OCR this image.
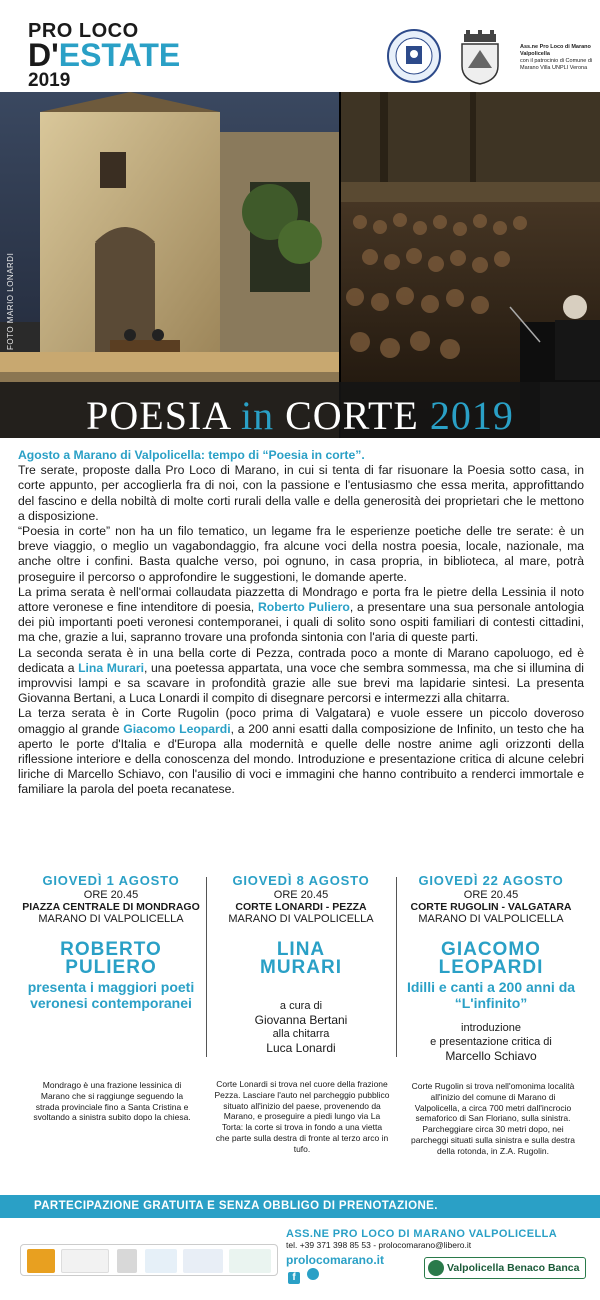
PRO LOCO
D'ESTATE
2019
Ass.ne Pro Loco di Marano Valpolicella
con il patrocinio di Comune di Marano Villa UNPLI Verona
FOTO MARIO LONARDI
POESIA in CORTE 2019
Agosto a Marano di Valpolicella: tempo di “Poesia in corte”.

Tre serate, proposte dalla Pro Loco di Marano, in cui si tenta di far risuonare la Poesia sotto casa, in corte appunto, per accoglierla fra di noi, con la passione e l'entusiasmo che essa merita, approfittando del fascino e della nobiltà di molte corti rurali della valle e della generosità dei proprietari che le mettono a disposizione.

“Poesia in corte” non ha un filo tematico, un legame fra le esperienze poetiche delle tre serate: è un breve viaggio, o meglio un vagabondaggio, fra alcune voci della nostra poesia, locale, nazionale, ma anche oltre i confini. Basta qualche verso, poi ognuno, in casa propria, in biblioteca, al mare, potrà proseguire il percorso o approfondire le suggestioni, le domande aperte.

La prima serata è nell'ormai collaudata piazzetta di Mondrago e porta fra le pietre della Lessinia il noto attore veronese e fine intenditore di poesia, Roberto Puliero, a presentare una sua personale antologia dei più importanti poeti veronesi contemporanei, i quali di solito sono ospiti familiari di contesti cittadini, ma che, grazie a lui, sapranno trovare una profonda sintonia con l'aria di queste parti.

La seconda serata è in una bella corte di Pezza, contrada poco a monte di Marano capoluogo, ed è dedicata a Lina Murari, una poetessa appartata, una voce che sembra sommessa, ma che si illumina di improvvisi lampi e sa scavare in profondità grazie alle sue brevi ma lapidarie sintesi. La presenta Giovanna Bertani, a Luca Lonardi il compito di disegnare percorsi e intermezzi alla chitarra.

La terza serata è in Corte Rugolin (poco prima di Valgatara) e vuole essere un piccolo doveroso omaggio al grande Giacomo Leopardi, a 200 anni esatti dalla composizione de Infinito, un testo che ha aperto le porte d'Italia e d'Europa alla modernità e quelle delle nostre anime agli orizzonti della riflessione interiore e della conoscenza del mondo. Introduzione e presentazione critica di alcune celebri liriche di Marcello Schiavo, con l'ausilio di voci e immagini che hanno contribuito a renderci immortale e familiare la parola del poeta recanatese.

GIOVEDÌ 1 AGOSTO
ORE 20.45
PIAZZA CENTRALE DI MONDRAGO
MARANO DI VALPOLICELLA
ROBERTO
PULIERO
presenta i maggiori poeti veronesi contemporanei
GIOVEDÌ 8 AGOSTO
ORE 20.45
CORTE LONARDI - PEZZA
MARANO DI VALPOLICELLA
LINA
MURARI
a cura di
Giovanna Bertani
alla chitarra
Luca Lonardi
GIOVEDÌ 22 AGOSTO
ORE 20.45
CORTE RUGOLIN - VALGATARA
MARANO DI VALPOLICELLA
GIACOMO
LEOPARDI
Idilli e canti a 200 anni da “L'infinito”
introduzione
e presentazione critica di
Marcello Schiavo
Mondrago è una frazione lessinica di Marano che si raggiunge seguendo la strada provinciale fino a Santa Cristina e svoltando a sinistra subito dopo la chiesa.
Corte Lonardi si trova nel cuore della frazione Pezza. Lasciare l'auto nel parcheggio pubblico situato all'inizio del paese, provenendo da Marano, e proseguire a piedi lungo via La Torta: la corte si trova in fondo a una vietta che parte sulla destra di fronte al terzo arco in tufo.
Corte Rugolin si trova nell'omonima località all'inizio del comune di Marano di Valpolicella, a circa 700 metri dall'incrocio semaforico di San Floriano, sulla sinistra. Parcheggiare circa 30 metri dopo, nei parcheggi situati sulla sinistra e sulla destra della rotonda, in Z.A. Rugolin.
PARTECIPAZIONE GRATUITA E SENZA OBBLIGO DI PRENOTAZIONE.
ASS.NE PRO LOCO DI MARANO VALPOLICELLA
tel. +39 371 398 85 53 - prolocomarano@libero.it
prolocomarano.it
f
Valpolicella Benaco Banca
